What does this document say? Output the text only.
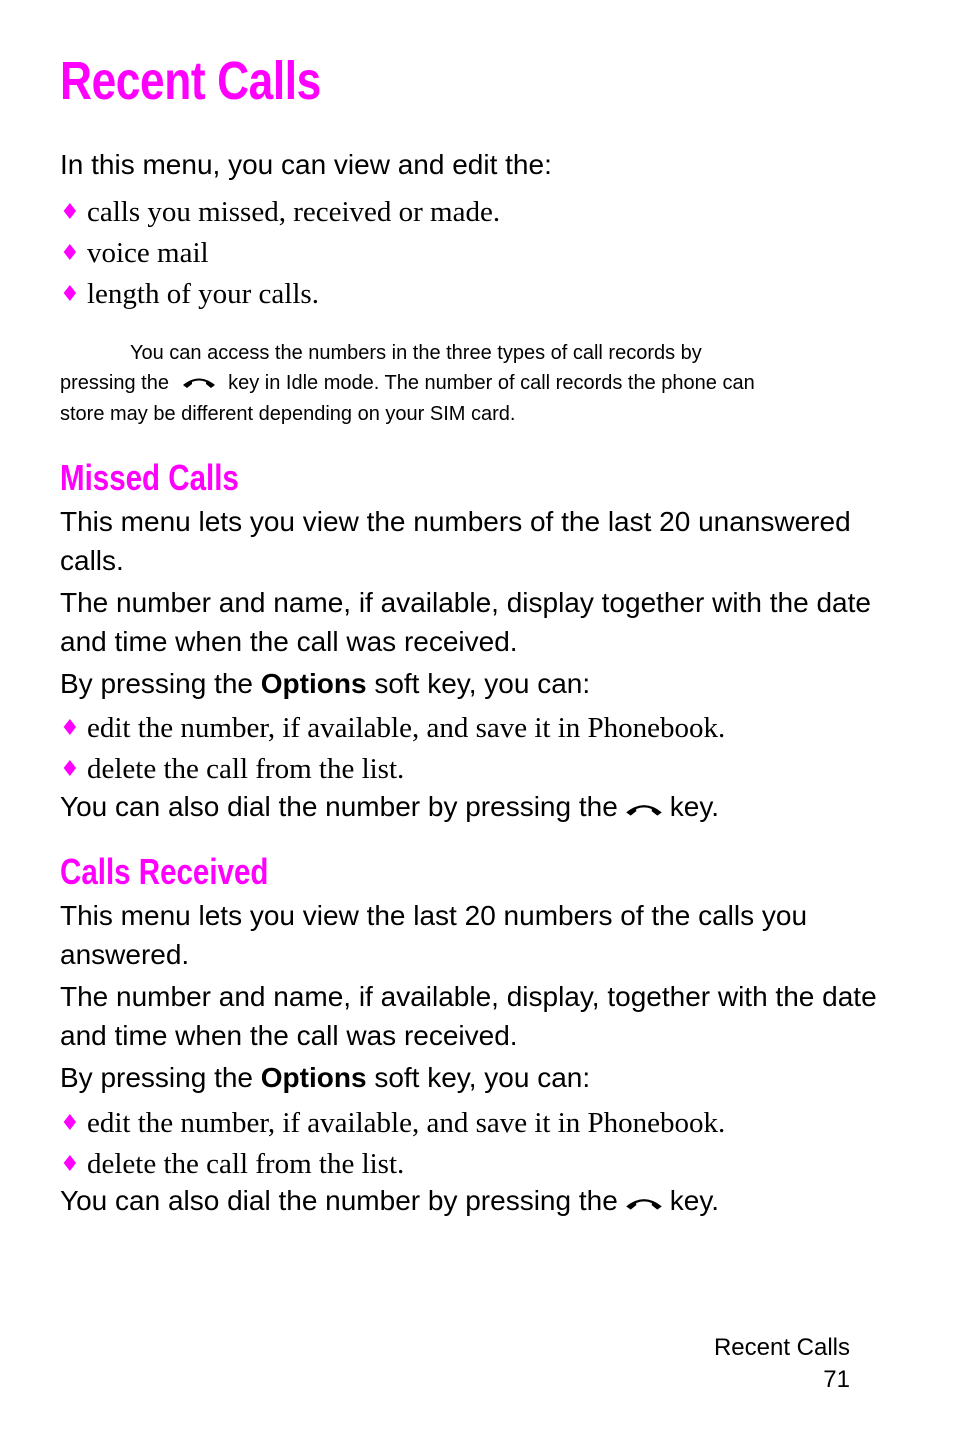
Recent Calls

In this menu, you can view and edit the:

♦ calls you missed, received or made.
♦ voice mail
♦ length of your calls.
You can access the numbers in the three types of call records by
pressing the	key in Idle mode. The number of call records the phone can
store may be different depending on your SIM card.
Missed Calls

This menu lets you view the numbers of the last 20 unanswered calls.

The number and name, if available, display together with the date and time when the call was received.

By pressing the Options soft key, you can:

♦ edit the number, if available, and save it in Phonebook.
♦ delete the call from the list.

You can also dial the number by pressing the key.

Calls Received

This menu lets you view the last 20 numbers of the calls you answered.

The number and name, if available, display, together with the date and time when the call was received.

By pressing the Options soft key, you can:

♦ edit the number, if available, and save it in Phonebook.
♦ delete the call from the list.

You can also dial the number by pressing the key.

Recent Calls
71
